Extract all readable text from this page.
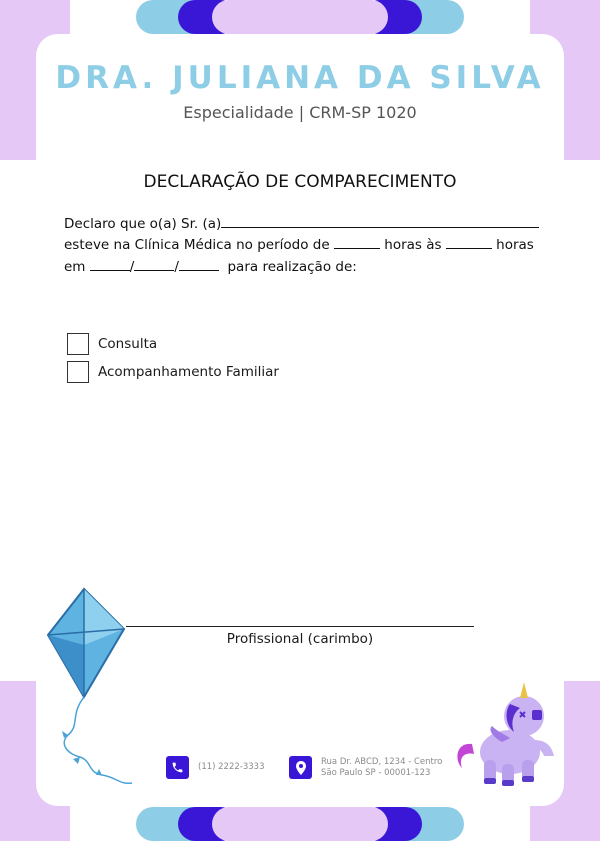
DRA. JULIANA DA SILVA
Especialidade | CRM-SP 1020
DECLARAÇÃO DE COMPARECIMENTO
Declaro que o(a) Sr. (a)
esteve na Clínica Médica no período de	horas às	horas
em	/	/	para realização de:
Consulta
Acompanhamento Familiar
Profissional (carimbo)
(11) 2222-3333
Rua Dr. ABCD, 1234 - Centro
São Paulo SP - 00001-123
